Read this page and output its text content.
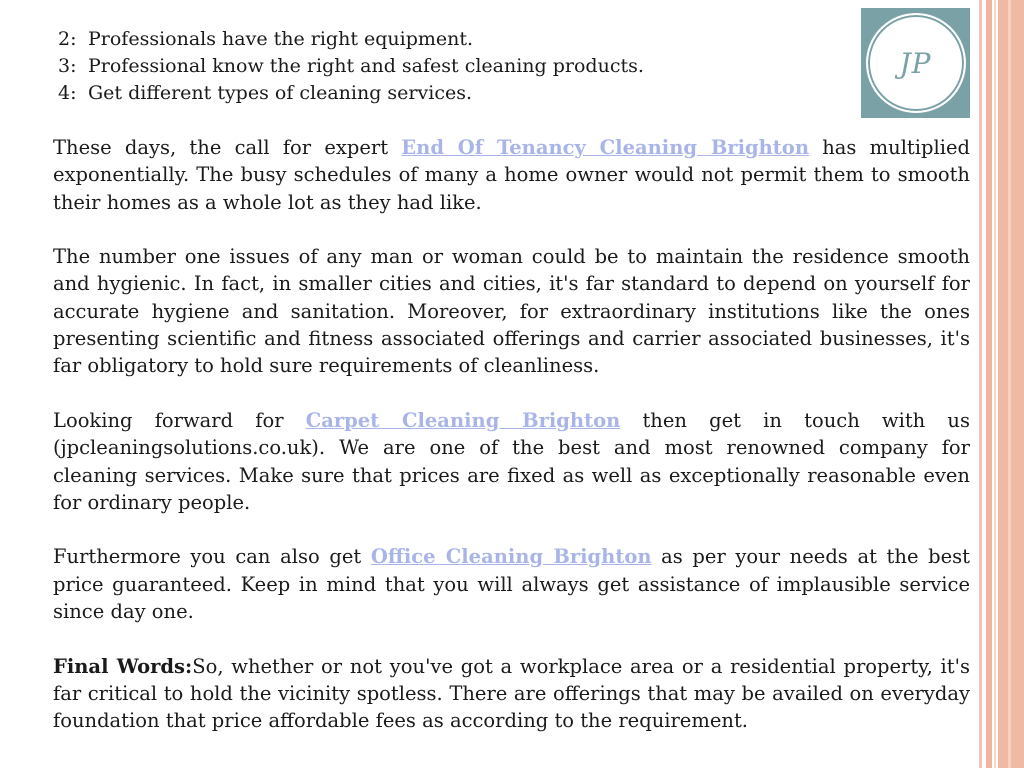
JP
2: Professionals have the right equipment.
3: Professional know the right and safest cleaning products.
4: Get different types of cleaning services.

These days, the call for expert End Of Tenancy Cleaning Brighton has multiplied exponentially. The busy schedules of many a home owner would not permit them to smooth their homes as a whole lot as they had like.

The number one issues of any man or woman could be to maintain the residence smooth and hygienic. In fact, in smaller cities and cities, it's far standard to depend on yourself for accurate hygiene and sanitation. Moreover, for extraordinary institutions like the ones presenting scientific and fitness associated offerings and carrier associated businesses, it's far obligatory to hold sure requirements of cleanliness.

Looking forward for Carpet Cleaning Brighton then get in touch with us (jpcleaningsolutions.co.uk). We are one of the best and most renowned company for cleaning services. Make sure that prices are fixed as well as exceptionally reasonable even for ordinary people.

Furthermore you can also get Office Cleaning Brighton as per your needs at the best price guaranteed. Keep in mind that you will always get assistance of implausible service since day one.

Final Words:So, whether or not you've got a workplace area or a residential property, it's far critical to hold the vicinity spotless. There are offerings that may be availed on everyday foundation that price affordable fees as according to the requirement.
